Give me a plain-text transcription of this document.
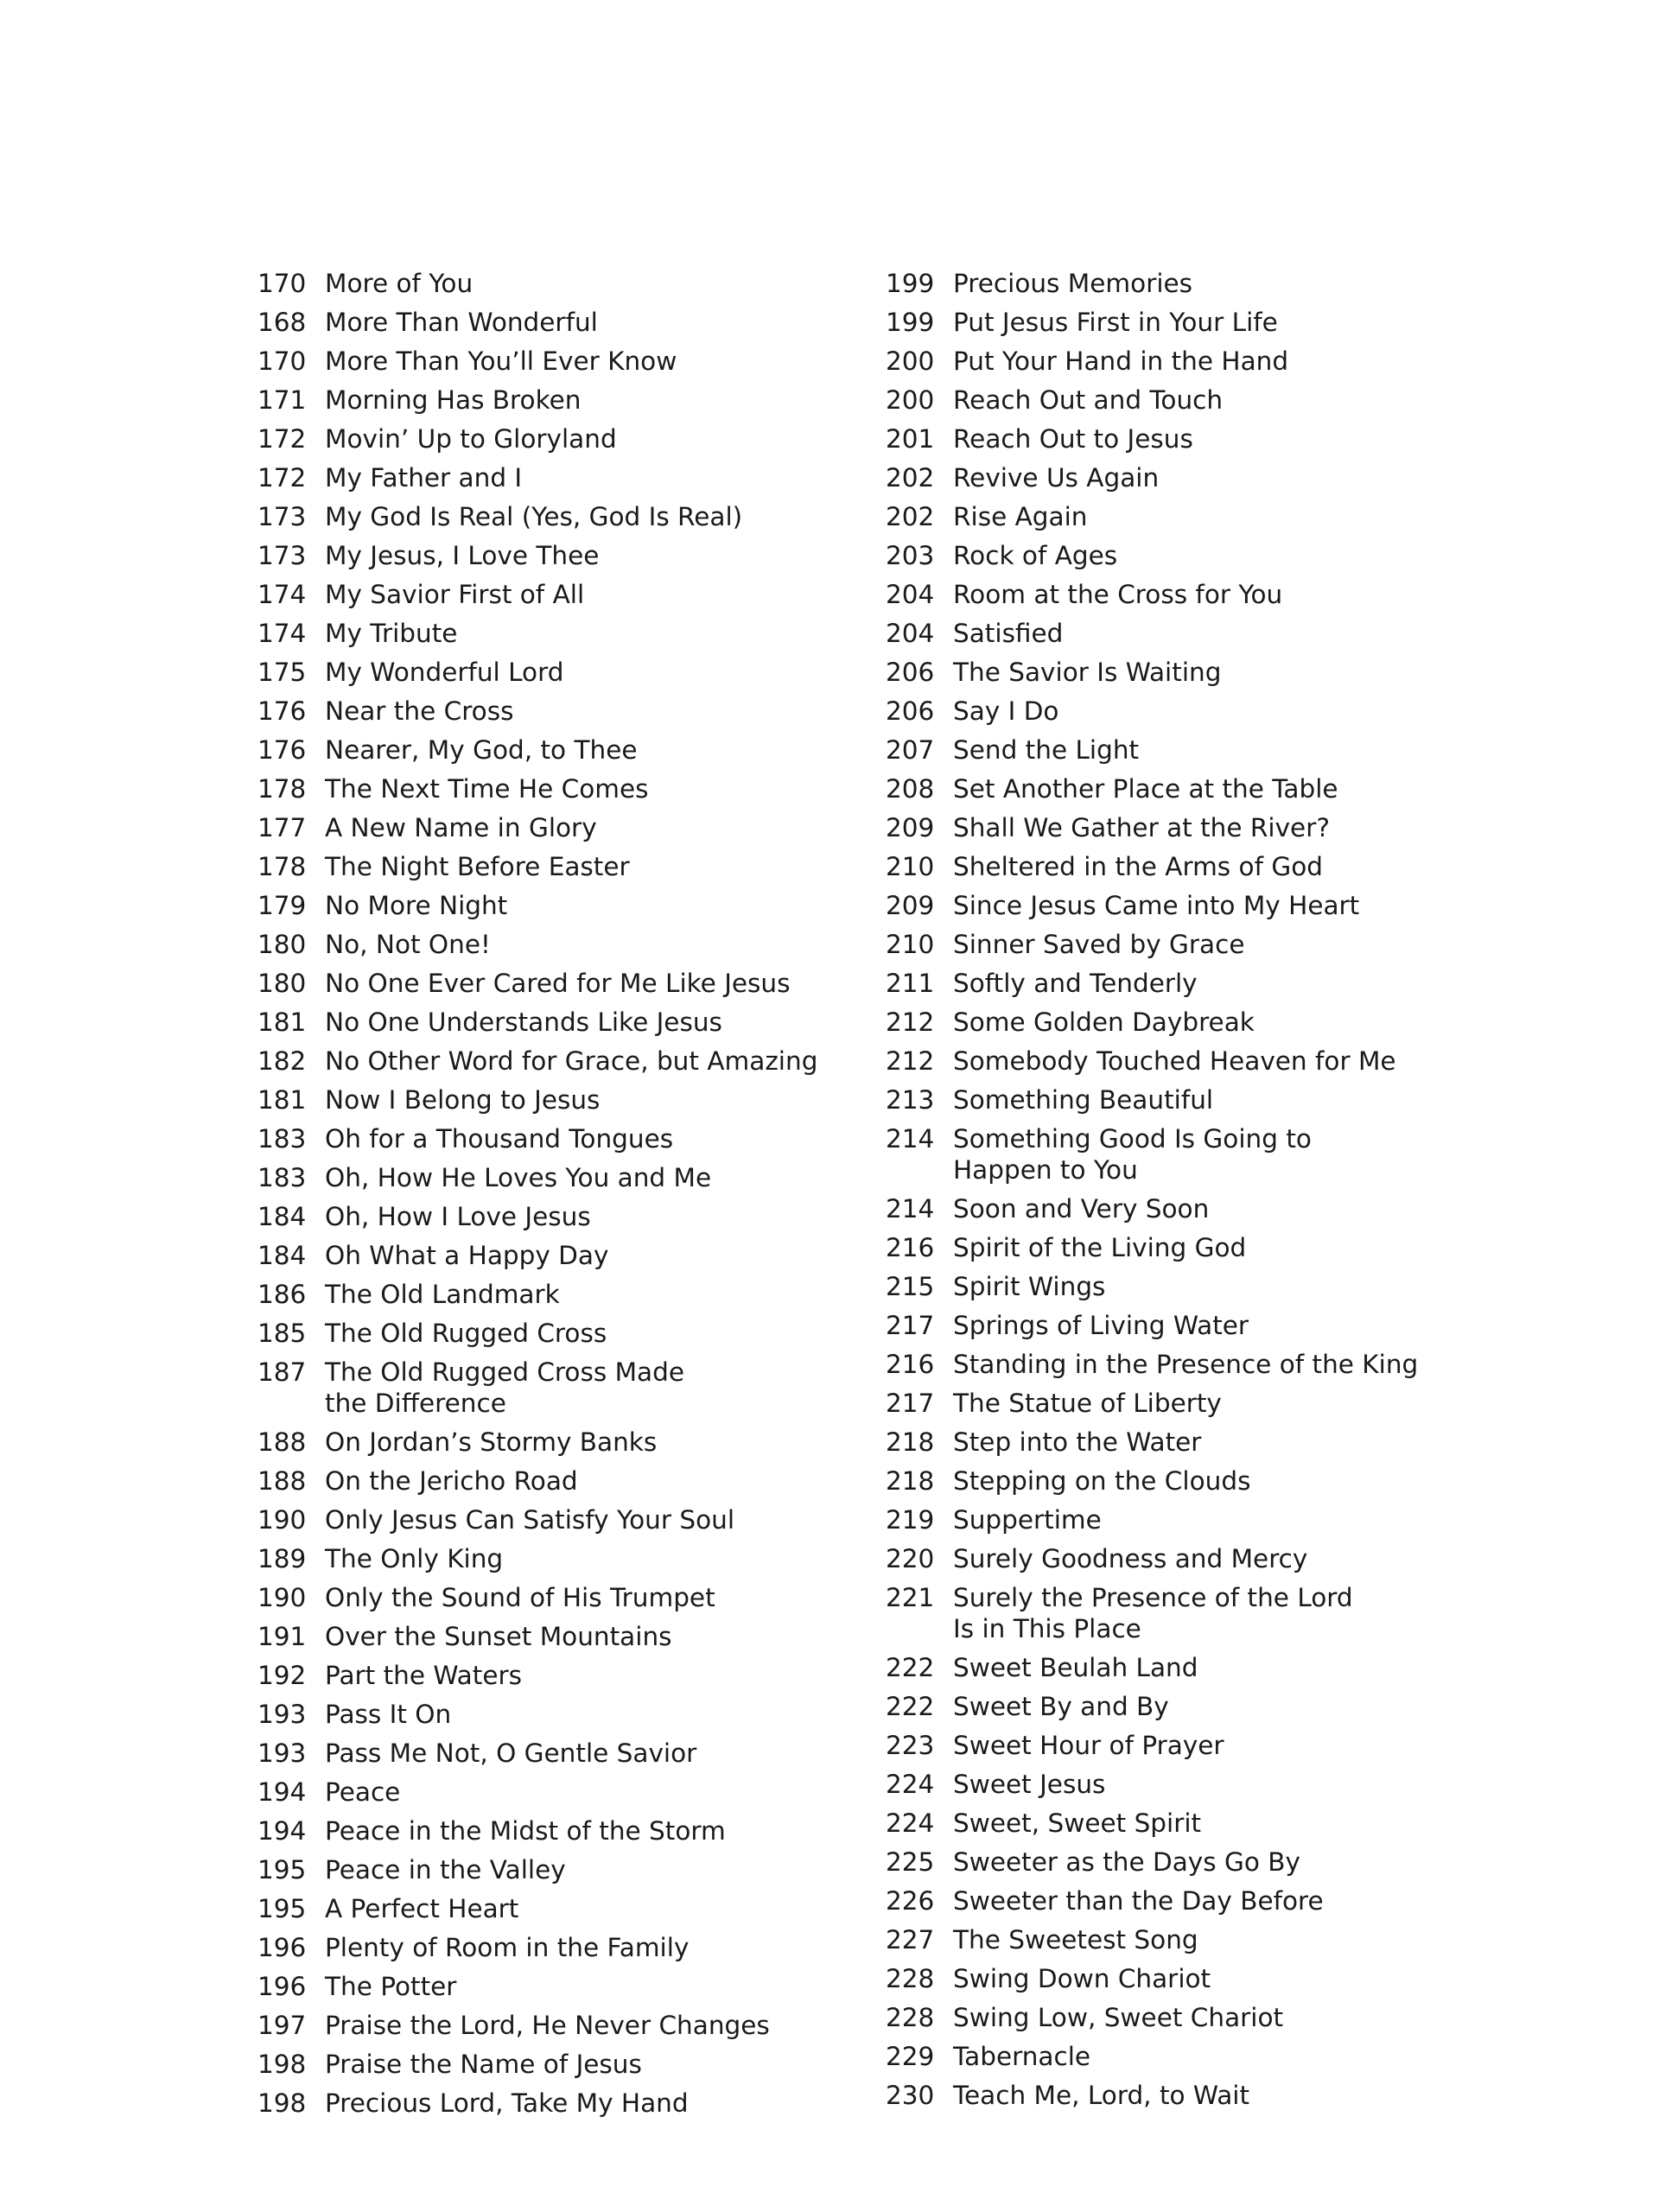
170 More of You
168 More Than Wonderful
170 More Than You’ll Ever Know
171 Morning Has Broken
172 Movin’ Up to Gloryland
172 My Father and I
173 My God Is Real (Yes, God Is Real)
173 My Jesus, I Love Thee
174 My Savior First of All
174 My Tribute
175 My Wonderful Lord
176 Near the Cross
176 Nearer, My God, to Thee
178 The Next Time He Comes
177 A New Name in Glory
178 The Night Before Easter
179 No More Night
180 No, Not One!
180 No One Ever Cared for Me Like Jesus
181 No One Understands Like Jesus
182 No Other Word for Grace, but Amazing
181 Now I Belong to Jesus
183 Oh for a Thousand Tongues
183 Oh, How He Loves You and Me
184 Oh, How I Love Jesus
184 Oh What a Happy Day
186 The Old Landmark
185 The Old Rugged Cross
187 The Old Rugged Cross Made
the Difference
188 On Jordan’s Stormy Banks
188 On the Jericho Road
190 Only Jesus Can Satisfy Your Soul
189 The Only King
190 Only the Sound of His Trumpet
191 Over the Sunset Mountains
192 Part the Waters
193 Pass It On
193 Pass Me Not, O Gentle Savior
194 Peace
194 Peace in the Midst of the Storm
195 Peace in the Valley
195 A Perfect Heart
196 Plenty of Room in the Family
196 The Potter
197 Praise the Lord, He Never Changes
198 Praise the Name of Jesus
198 Precious Lord, Take My Hand
199 Precious Memories
199 Put Jesus First in Your Life
200 Put Your Hand in the Hand
200 Reach Out and Touch
201 Reach Out to Jesus
202 Revive Us Again
202 Rise Again
203 Rock of Ages
204 Room at the Cross for You
204 Satisfied
206 The Savior Is Waiting
206 Say I Do
207 Send the Light
208 Set Another Place at the Table
209 Shall We Gather at the River?
210 Sheltered in the Arms of God
209 Since Jesus Came into My Heart
210 Sinner Saved by Grace
211 Softly and Tenderly
212 Some Golden Daybreak
212 Somebody Touched Heaven for Me
213 Something Beautiful
214 Something Good Is Going to
Happen to You
214 Soon and Very Soon
216 Spirit of the Living God
215 Spirit Wings
217 Springs of Living Water
216 Standing in the Presence of the King
217 The Statue of Liberty
218 Step into the Water
218 Stepping on the Clouds
219 Suppertime
220 Surely Goodness and Mercy
221 Surely the Presence of the Lord
Is in This Place
222 Sweet Beulah Land
222 Sweet By and By
223 Sweet Hour of Prayer
224 Sweet Jesus
224 Sweet, Sweet Spirit
225 Sweeter as the Days Go By
226 Sweeter than the Day Before
227 The Sweetest Song
228 Swing Down Chariot
228 Swing Low, Sweet Chariot
229 Tabernacle
230 Teach Me, Lord, to Wait
